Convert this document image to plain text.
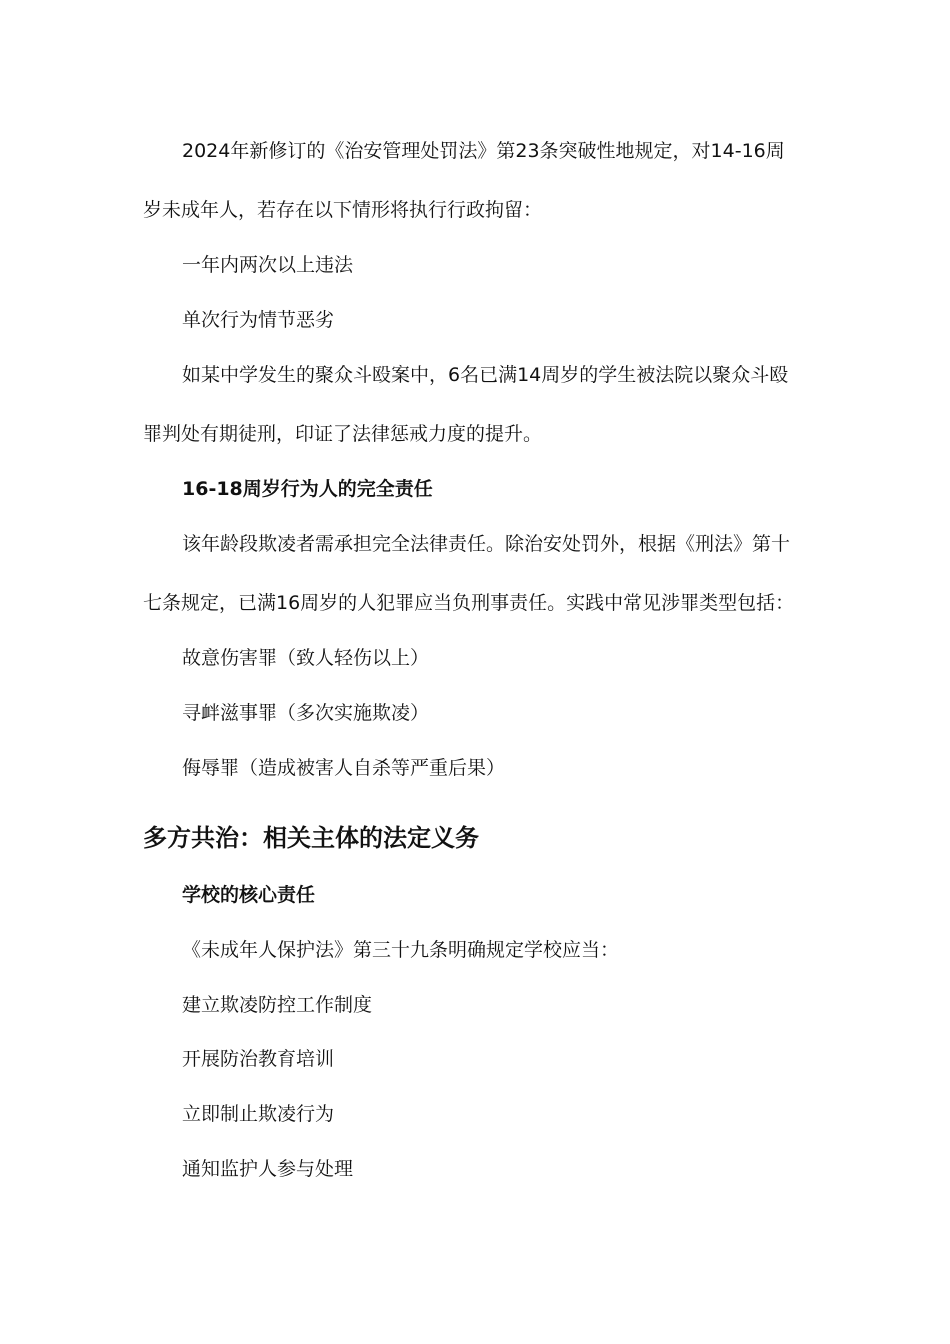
2024年新修订的《治安管理处罚法》第23条突破性地规定，对14-16周
岁未成年人，若存在以下情形将执行行政拘留：
一年内两次以上违法
单次行为情节恶劣
如某中学发生的聚众斗殴案中，6名已满14周岁的学生被法院以聚众斗殴
罪判处有期徒刑，印证了法律惩戒力度的提升。
16-18周岁行为人的完全责任
该年龄段欺凌者需承担完全法律责任。除治安处罚外，根据《刑法》第十
七条规定，已满16周岁的人犯罪应当负刑事责任。实践中常见涉罪类型包括：
故意伤害罪（致人轻伤以上）
寻衅滋事罪（多次实施欺凌）
侮辱罪（造成被害人自杀等严重后果）
多方共治：相关主体的法定义务
学校的核心责任
《未成年人保护法》第三十九条明确规定学校应当：
建立欺凌防控工作制度
开展防治教育培训
立即制止欺凌行为
通知监护人参与处理
